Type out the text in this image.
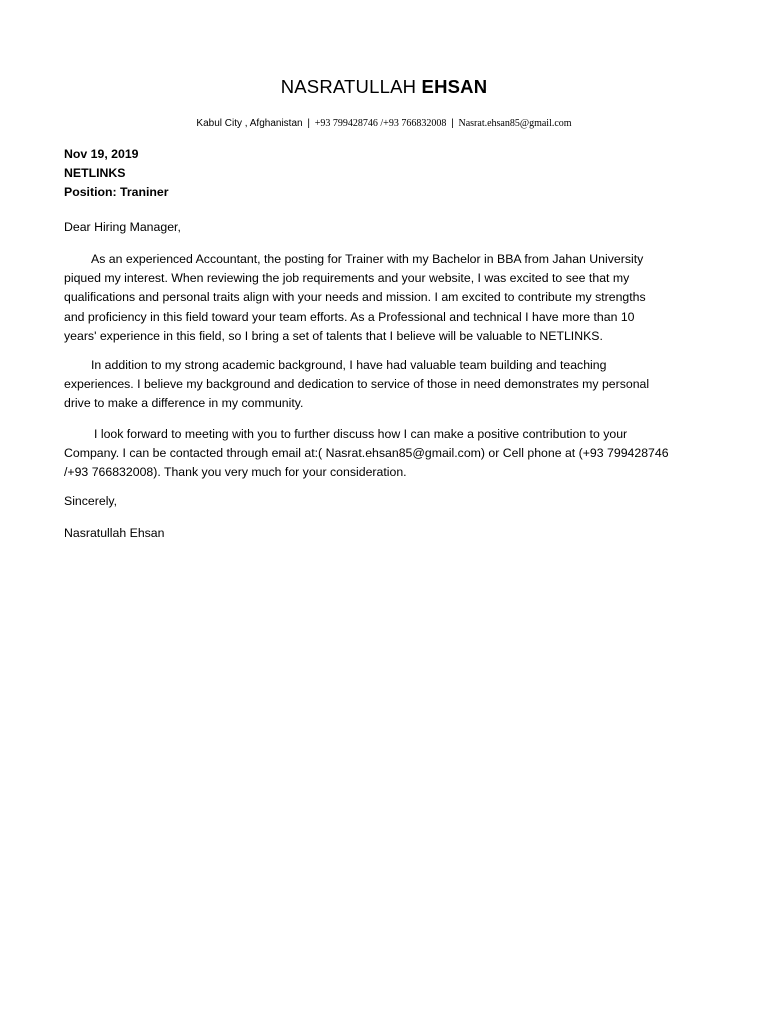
NASRATULLAH EHSAN
Kabul City , Afghanistan | +93 799428746 /+93 766832008 | Nasrat.ehsan85@gmail.com
Nov 19, 2019
NETLINKS
Position: Traniner
Dear Hiring Manager,
As an experienced Accountant, the posting for Trainer with my Bachelor in BBA from Jahan University
piqued my interest. When reviewing the job requirements and your website, I was excited to see that my
qualifications and personal traits align with your needs and mission. I am excited to contribute my strengths
and proficiency in this field toward your team efforts. As a Professional and technical I have more than 10
years' experience in this field, so I bring a set of talents that I believe will be valuable to NETLINKS.
In addition to my strong academic background, I have had valuable team building and teaching
experiences. I believe my background and dedication to service of those in need demonstrates my personal
drive to make a difference in my community.
I look forward to meeting with you to further discuss how I can make a positive contribution to your
Company. I can be contacted through email at:( Nasrat.ehsan85@gmail.com) or Cell phone at (+93 799428746
/+93 766832008). Thank you very much for your consideration.
Sincerely,
Nasratullah Ehsan
